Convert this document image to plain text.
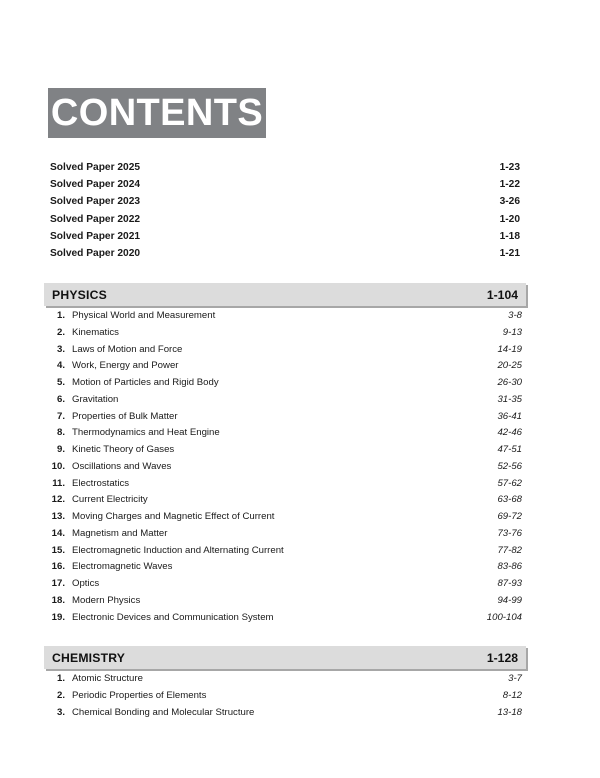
CONTENTS
Solved Paper 2025	1-23
Solved Paper 2024	1-22
Solved Paper 2023	3-26
Solved Paper 2022	1-20
Solved Paper 2021	1-18
Solved Paper 2020	1-21
PHYSICS	1-104
1. Physical World and Measurement	3-8
2. Kinematics	9-13
3. Laws of Motion and Force	14-19
4. Work, Energy and Power	20-25
5. Motion of Particles and Rigid Body	26-30
6. Gravitation	31-35
7. Properties of Bulk Matter	36-41
8. Thermodynamics and Heat Engine	42-46
9. Kinetic Theory of Gases	47-51
10. Oscillations and Waves	52-56
11. Electrostatics	57-62
12. Current Electricity	63-68
13. Moving Charges and Magnetic Effect of Current	69-72
14. Magnetism and Matter	73-76
15. Electromagnetic Induction and Alternating Current	77-82
16. Electromagnetic Waves	83-86
17. Optics	87-93
18. Modern Physics	94-99
19. Electronic Devices and Communication System	100-104
CHEMISTRY	1-128
1. Atomic Structure	3-7
2. Periodic Properties of Elements	8-12
3. Chemical Bonding and Molecular Structure	13-18
